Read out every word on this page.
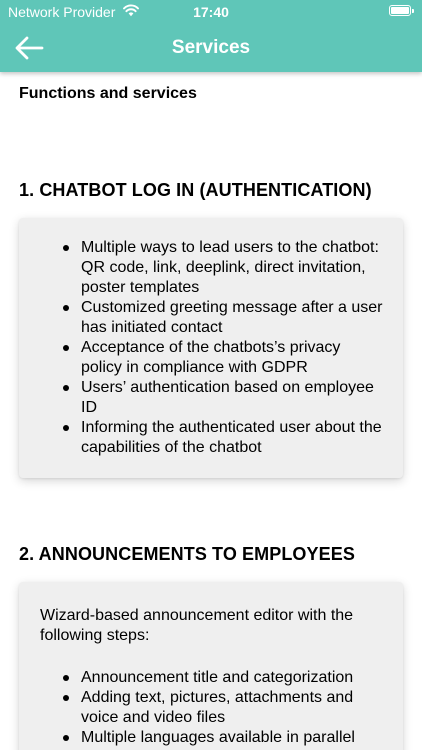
Network Provider	17:40
Services
Functions and services
1. CHATBOT LOG IN (AUTHENTICATION)
Multiple ways to lead users to the chatbot: QR code, link, deeplink, direct invitation, poster templates
Customized greeting message after a user has initiated contact
Acceptance of the chatbots’s privacy policy in compliance with GDPR
Users’ authentication based on employee ID
Informing the authenticated user about the capabilities of the chatbot
2. ANNOUNCEMENTS TO EMPLOYEES
Wizard-based announcement editor with the following steps:
Announcement title and categorization
Adding text, pictures, attachments and voice and video files
Multiple languages available in parallel
